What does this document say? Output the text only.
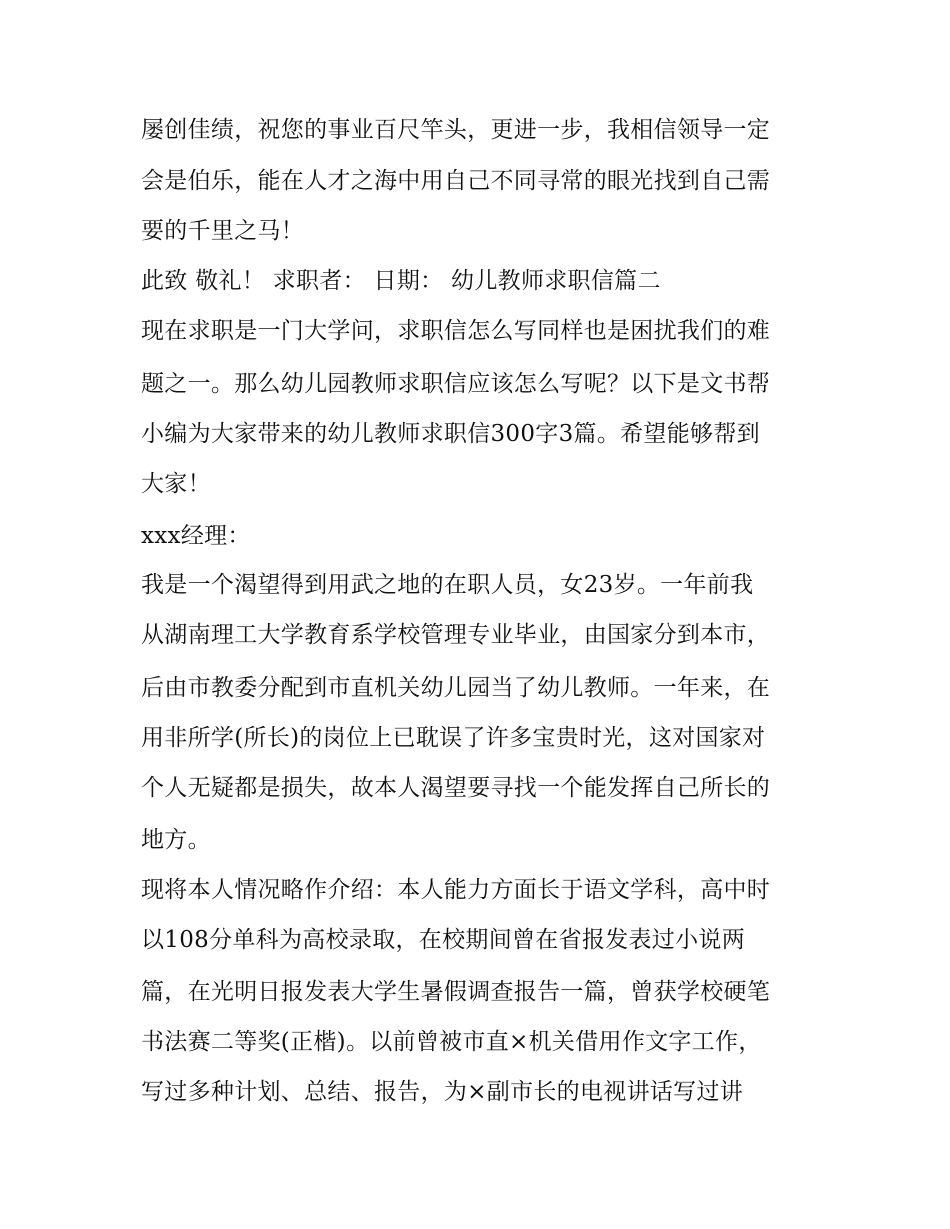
屡创佳绩，祝您的事业百尺竿头，更进一步，我相信领导一定
会是伯乐，能在人才之海中用自己不同寻常的眼光找到自己需
要的千里之马！
此致 敬礼！ 求职者： 日期： 幼儿教师求职信篇二
现在求职是一门大学问，求职信怎么写同样也是困扰我们的难
题之一。那么幼儿园教师求职信应该怎么写呢？以下是文书帮
小编为大家带来的幼儿教师求职信300字3篇。希望能够帮到
大家！
xxx经理：
我是一个渴望得到用武之地的在职人员，女23岁。一年前我
从湖南理工大学教育系学校管理专业毕业，由国家分到本市，
后由市教委分配到市直机关幼儿园当了幼儿教师。一年来，在
用非所学(所长)的岗位上已耽误了许多宝贵时光，这对国家对
个人无疑都是损失，故本人渴望要寻找一个能发挥自己所长的
地方。
现将本人情况略作介绍：本人能力方面长于语文学科，高中时
以108分单科为高校录取，在校期间曾在省报发表过小说两
篇，在光明日报发表大学生暑假调查报告一篇，曾获学校硬笔
书法赛二等奖(正楷)。以前曾被市直×机关借用作文字工作，
写过多种计划、总结、报告，为×副市长的电视讲话写过讲
